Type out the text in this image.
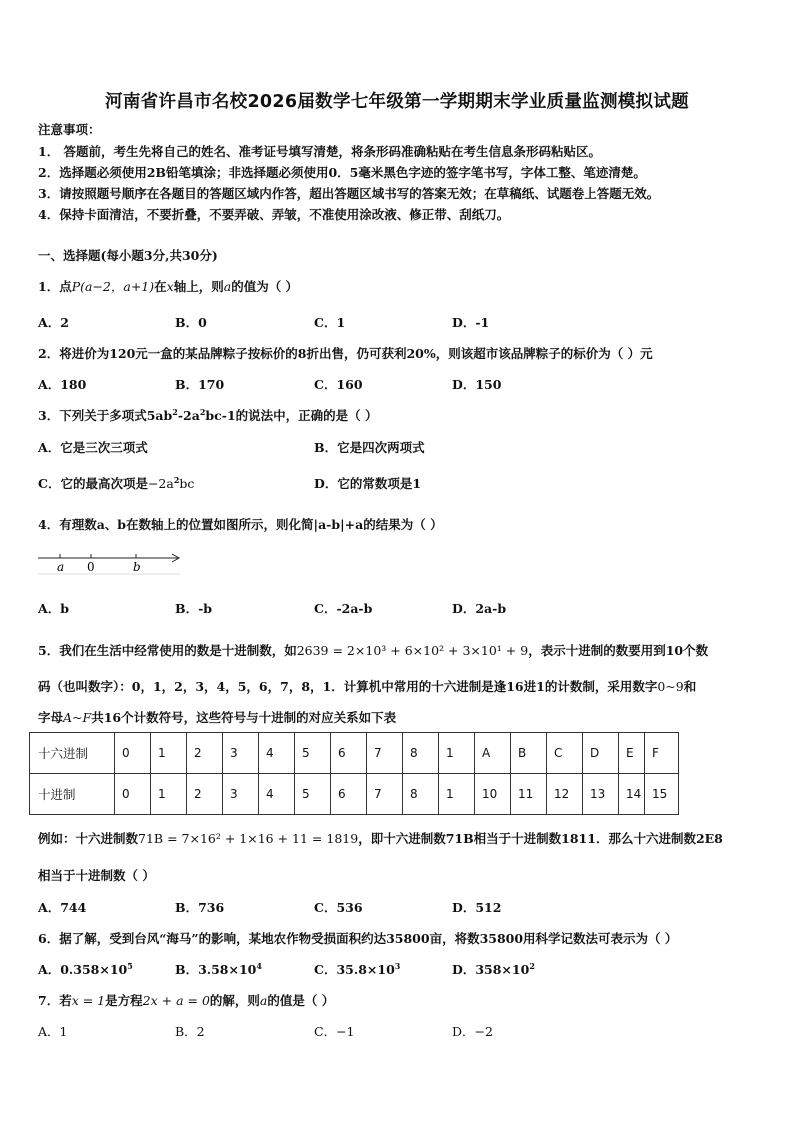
河南省许昌市名校2026届数学七年级第一学期期末学业质量监测模拟试题
注意事项：
1． 答题前，考生先将自己的姓名、准考证号填写清楚，将条形码准确粘贴在考生信息条形码粘贴区。
2．选择题必须使用2B铅笔填涂；非选择题必须使用0．5毫米黑色字迹的签字笔书写，字体工整、笔迹清楚。
3．请按照题号顺序在各题目的答题区域内作答，超出答题区域书写的答案无效；在草稿纸、试题卷上答题无效。
4．保持卡面清洁，不要折叠，不要弄破、弄皱，不准使用涂改液、修正带、刮纸刀。
一、选择题(每小题3分,共30分)
1．点P(a−2，a+1)在x轴上，则a的值为（ ）
A．2	B．0	C．1	D．-1
2．将进价为120元一盒的某品牌粽子按标价的8折出售，仍可获利20%，则该超市该品牌粽子的标价为（ ）元
A．180	B．170	C．160	D．150
3．下列关于多项式$5ab^2-2a^2bc-1$的说法中，正确的是（ ）
A．它是三次三项式	B．它是四次两项式
C．它的最高次项是$-2a^2bc$	D．它的常数项是1
4．有理数a、b在数轴上的位置如图所示，则化简|a-b|+a的结果为（ ）
a 0	b
A．b	B．-b	C．-2a-b	D．2a-b
5．我们在生活中经常使用的数是十进制数，如2639 = 2×10³ + 6×10² + 3×10¹ + 9，表示十进制的数要用到10个数
码（也叫数字）：0，1，2，3，4，5，6，7，8，1．计算机中常用的十六进制是逢16进1的计数制，采用数字0~9和
字母A~F共16个计数符号，这些符号与十进制的对应关系如下表
十六进制	0	1	2	3	4	5	6	7	8	1	A	B	C	D	E	F
十进制	0	1	2	3	4	5	6	7	8	1	10	11	12	13	14	15
例如：十六进制数71B = 7×16² + 1×16 + 11 = 1819，即十六进制数71B相当于十进制数1811．那么十六进制数2E8
相当于十进制数（ ）
A．744	B．736	C．536	D．512
6．据了解，受到台风“海马”的影响，某地农作物受损面积约达35800亩，将数35800用科学记数法可表示为（ ）
A．$0.358\times 10^5$	B．$3.58\times 10^4$	C．$35.8\times 10^3$	D．$358\times 10^2$
7．若x = 1是方程2x + a = 0的解，则a的值是（ ）
A．1	B．2	C．−1	D．−2
